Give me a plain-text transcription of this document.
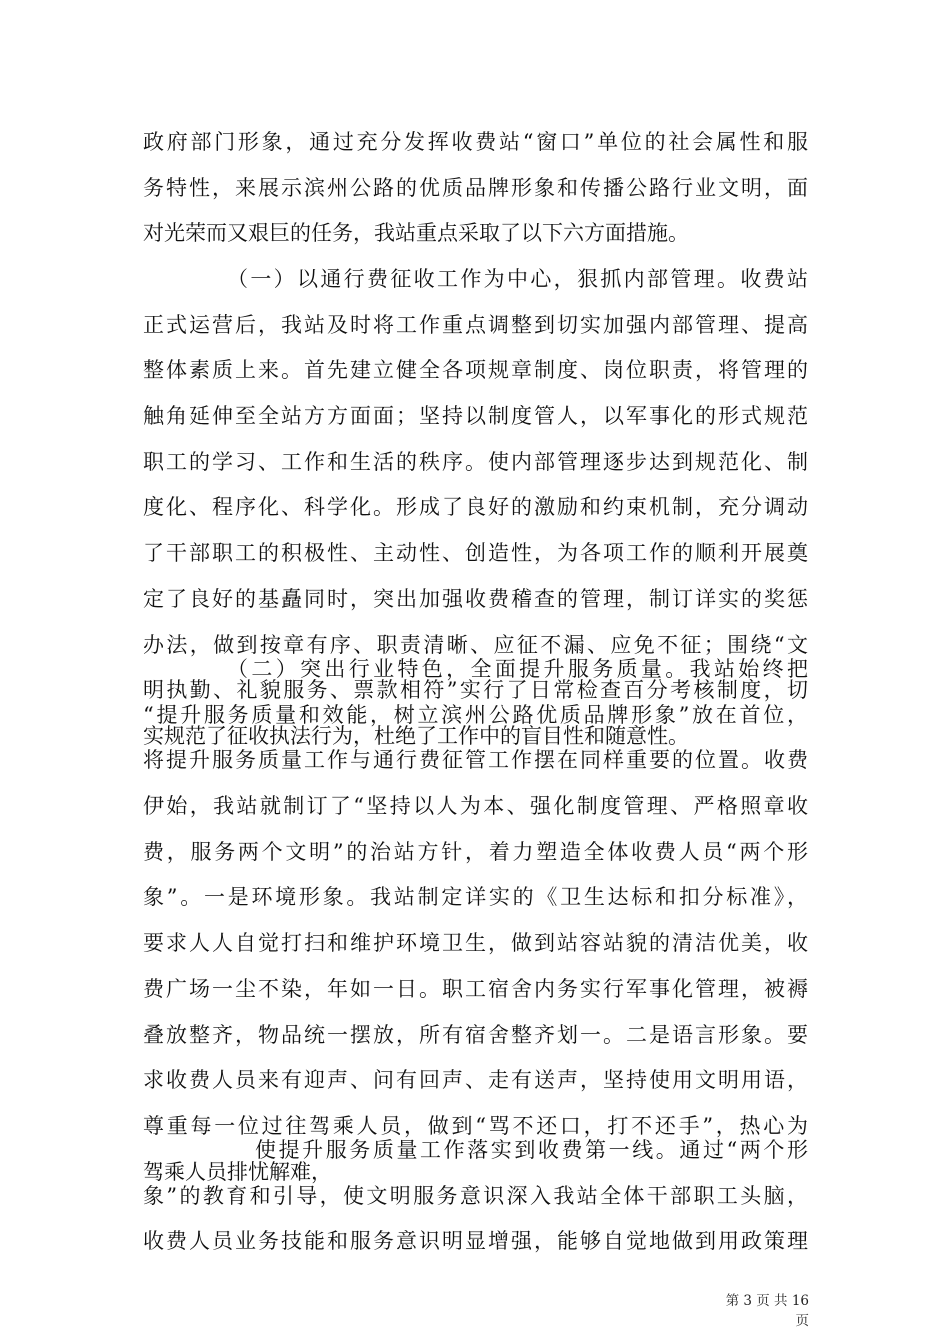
政府部门形象，通过充分发挥收费站“窗口”单位的社会属性和服
务特性，来展示滨州公路的优质品牌形象和传播公路行业文明，面
对光荣而又艰巨的任务，我站重点采取了以下六方面措施。
（一）以通行费征收工作为中心，狠抓内部管理。收费站
正式运营后，我站及时将工作重点调整到切实加强内部管理、提高
整体素质上来。首先建立健全各项规章制度、岗位职责，将管理的
触角延伸至全站方方面面；坚持以制度管人，以军事化的形式规范
职工的学习、工作和生活的秩序。使内部管理逐步达到规范化、制
度化、程序化、科学化。形成了良好的激励和约束机制，充分调动
了干部职工的积极性、主动性、创造性，为各项工作的顺利开展奠
定了良好的基矗同时，突出加强收费稽查的管理，制订详实的奖惩
办法，做到按章有序、职责清晰、应征不漏、应免不征；围绕“文
明执勤、礼貌服务、票款相符”实行了日常检查百分考核制度，切
实规范了征收执法行为，杜绝了工作中的盲目性和随意性。
（二）突出行业特色，全面提升服务质量。我站始终把
“提升服务质量和效能，树立滨州公路优质品牌形象”放在首位，
将提升服务质量工作与通行费征管工作摆在同样重要的位置。收费
伊始，我站就制订了“坚持以人为本、强化制度管理、严格照章收
费，服务两个文明”的治站方针，着力塑造全体收费人员“两个形
象”。一是环境形象。我站制定详实的《卫生达标和扣分标准》，
要求人人自觉打扫和维护环境卫生，做到站容站貌的清洁优美，收
费广场一尘不染，年如一日。职工宿舍内务实行军事化管理，被褥
叠放整齐，物品统一摆放，所有宿舍整齐划一。二是语言形象。要
求收费人员来有迎声、问有回声、走有送声，坚持使用文明用语，
尊重每一位过往驾乘人员，做到“骂不还口，打不还手”，热心为
驾乘人员排忧解难，
使提升服务质量工作落实到收费第一线。通过“两个形
象”的教育和引导，使文明服务意识深入我站全体干部职工头脑，
收费人员业务技能和服务意识明显增强，能够自觉地做到用政策理
第 3 页 共 16 页
